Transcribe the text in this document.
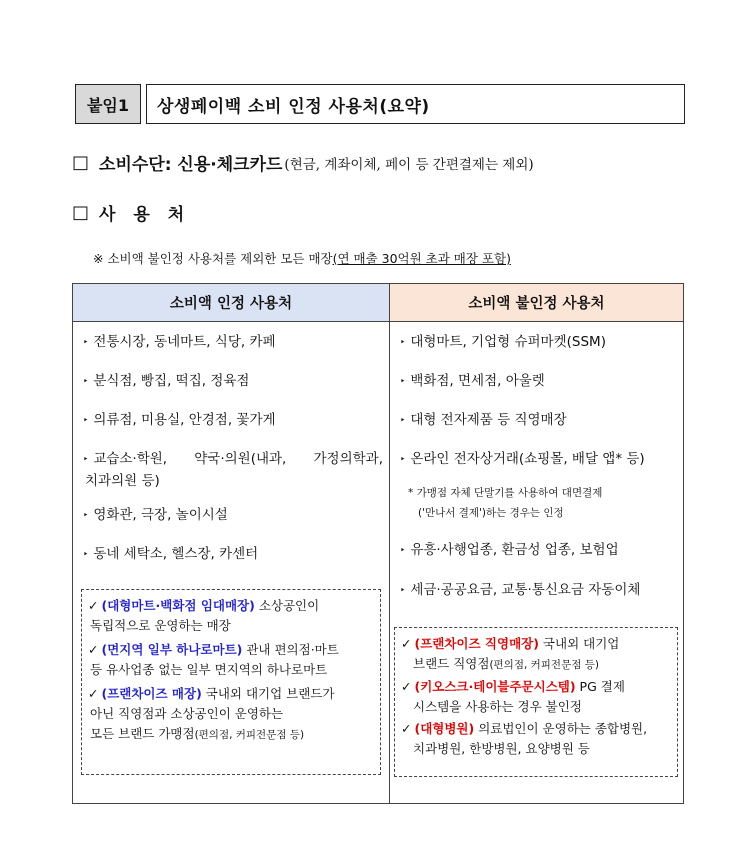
붙임1	상생페이백 소비 인정 사용처(요약)
□ 소비수단: 신용·체크카드 (현금, 계좌이체, 페이 등 간편결제는 제외)
□ 사 용 처
※ 소비액 불인정 사용처를 제외한 모든 매장(연 매출 30억원 초과 매장 포함)
소비액 인정 사용처
‣ 전통시장, 동네마트, 식당, 카페
‣ 분식점, 빵집, 떡집, 정육점
‣ 의류점, 미용실, 안경점, 꽃가게
‣ 교습소·학원, 약국·의원(내과, 가정의학과,
치과의원 등)
‣ 영화관, 극장, 놀이시설
‣ 동네 세탁소, 헬스장, 카센터
✓ (대형마트·백화점 임대매장)
소상공인이
독립적으로 운영하는 매장
✓ (면지역 일부 하나로마트)
관내 편의점·마트
등 유사업종 없는 일부 면지역의 하나로마트
✓ (프랜차이즈 매장)
국내외 대기업 브랜드가
아닌 직영점과 소상공인이 운영하는
모든 브랜드 가맹점(편의점, 커피전문점 등)
소비액 불인정 사용처
‣ 대형마트, 기업형 슈퍼마켓(SSM)
‣ 백화점, 면세점, 아울렛
‣ 대형 전자제품 등 직영매장
‣ 온라인 전자상거래(쇼핑몰, 배달 앱* 등)
* 가맹점 자체 단말기를 사용하여 대면결제
('만나서 결제')하는 경우는 인정
‣ 유흥·사행업종, 환금성 업종, 보험업
‣ 세금·공공요금, 교통·통신요금 자동이체
✓ (프랜차이즈 직영매장)
국내외 대기업
브랜드 직영점(편의점, 커피전문점 등)
✓ (키오스크·테이블주문시스템)
PG 결제
시스템을 사용하는 경우 불인정
✓ (대형병원)
의료법인이 운영하는 종합병원,
치과병원, 한방병원, 요양병원 등
